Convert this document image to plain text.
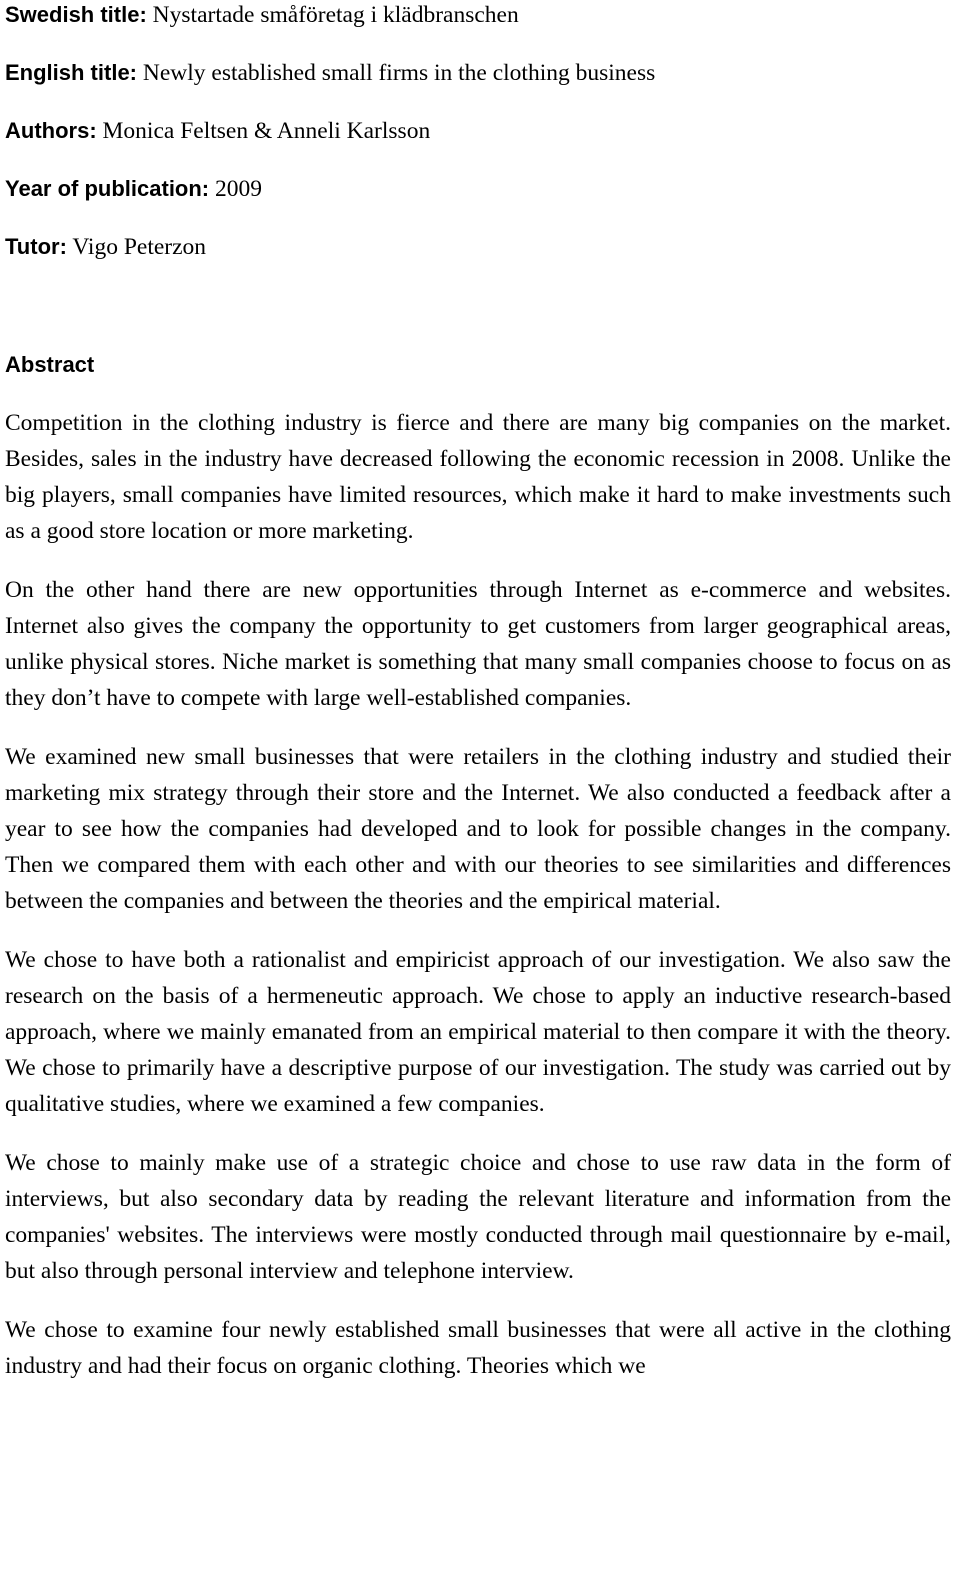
Swedish title: Nystartade småföretag i klädbranschen

English title: Newly established small firms in the clothing business

Authors: Monica Feltsen & Anneli Karlsson

Year of publication: 2009

Tutor: Vigo Peterzon

Abstract

Competition in the clothing industry is fierce and there are many big companies on the market. Besides, sales in the industry have decreased following the economic recession in 2008. Unlike the big players, small companies have limited resources, which make it hard to make investments such as a good store location or more marketing.

On the other hand there are new opportunities through Internet as e-commerce and websites. Internet also gives the company the opportunity to get customers from larger geographical areas, unlike physical stores. Niche market is something that many small companies choose to focus on as they don’t have to compete with large well-established companies.

We examined new small businesses that were retailers in the clothing industry and studied their marketing mix strategy through their store and the Internet. We also conducted a feedback after a year to see how the companies had developed and to look for possible changes in the company. Then we compared them with each other and with our theories to see similarities and differences between the companies and between the theories and the empirical material.

We chose to have both a rationalist and empiricist approach of our investigation. We also saw the research on the basis of a hermeneutic approach. We chose to apply an inductive research-based approach, where we mainly emanated from an empirical material to then compare it with the theory. We chose to primarily have a descriptive purpose of our investigation. The study was carried out by qualitative studies, where we examined a few companies.

We chose to mainly make use of a strategic choice and chose to use raw data in the form of interviews, but also secondary data by reading the relevant literature and information from the companies' websites. The interviews were mostly conducted through mail questionnaire by e-mail, but also through personal interview and telephone interview.

We chose to examine four newly established small businesses that were all active in the clothing industry and had their focus on organic clothing. Theories which we
